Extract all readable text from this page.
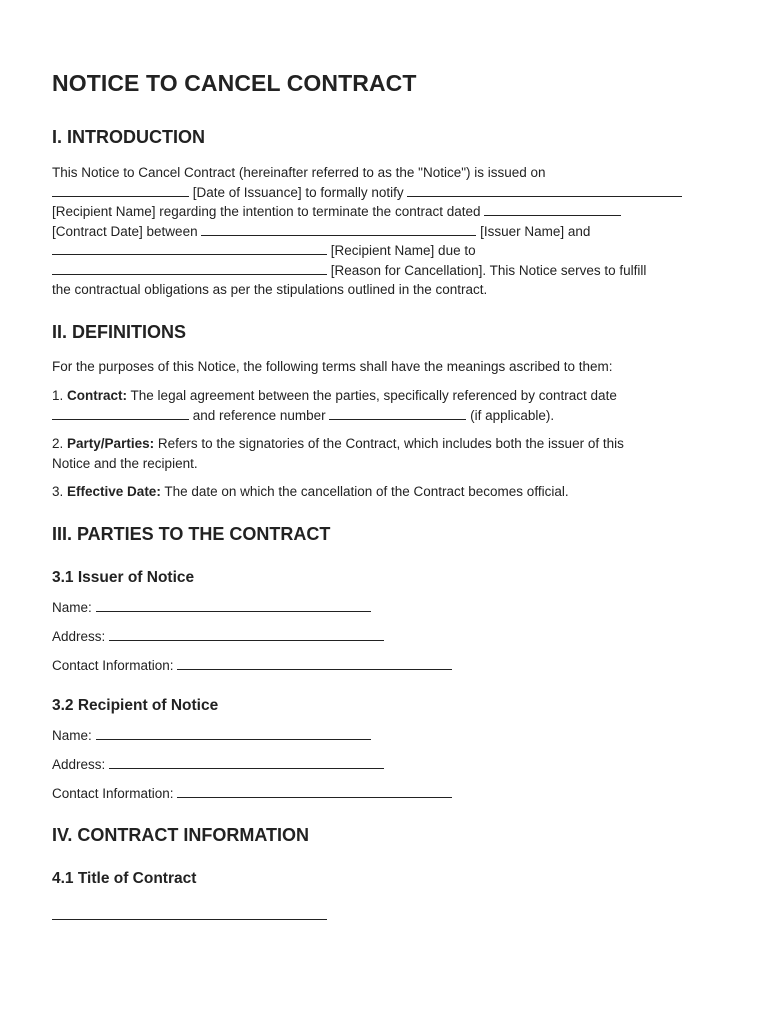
NOTICE TO CANCEL CONTRACT
I. INTRODUCTION

This Notice to Cancel Contract (hereinafter referred to as the "Notice") is issued on

[Date of Issuance] to formally notify

[Recipient Name] regarding the intention to terminate the contract dated

[Contract Date] between	[Issuer Name] and

[Recipient Name] due to

[Reason for Cancellation]. This Notice serves to fulfill

the contractual obligations as per the stipulations outlined in the contract.

II. DEFINITIONS

For the purposes of this Notice, the following terms shall have the meanings ascribed to them:

1. Contract: The legal agreement between the parties, specifically referenced by contract date

and reference number	(if applicable).

2. Party/Parties: Refers to the signatories of the Contract, which includes both the issuer of this

Notice and the recipient.

3. Effective Date: The date on which the cancellation of the Contract becomes official.

III. PARTIES TO THE CONTRACT
3.1 Issuer of Notice

Name:

Address:

Contact Information:

3.2 Recipient of Notice

Name:

Address:

Contact Information:

IV. CONTRACT INFORMATION
4.1 Title of Contract
